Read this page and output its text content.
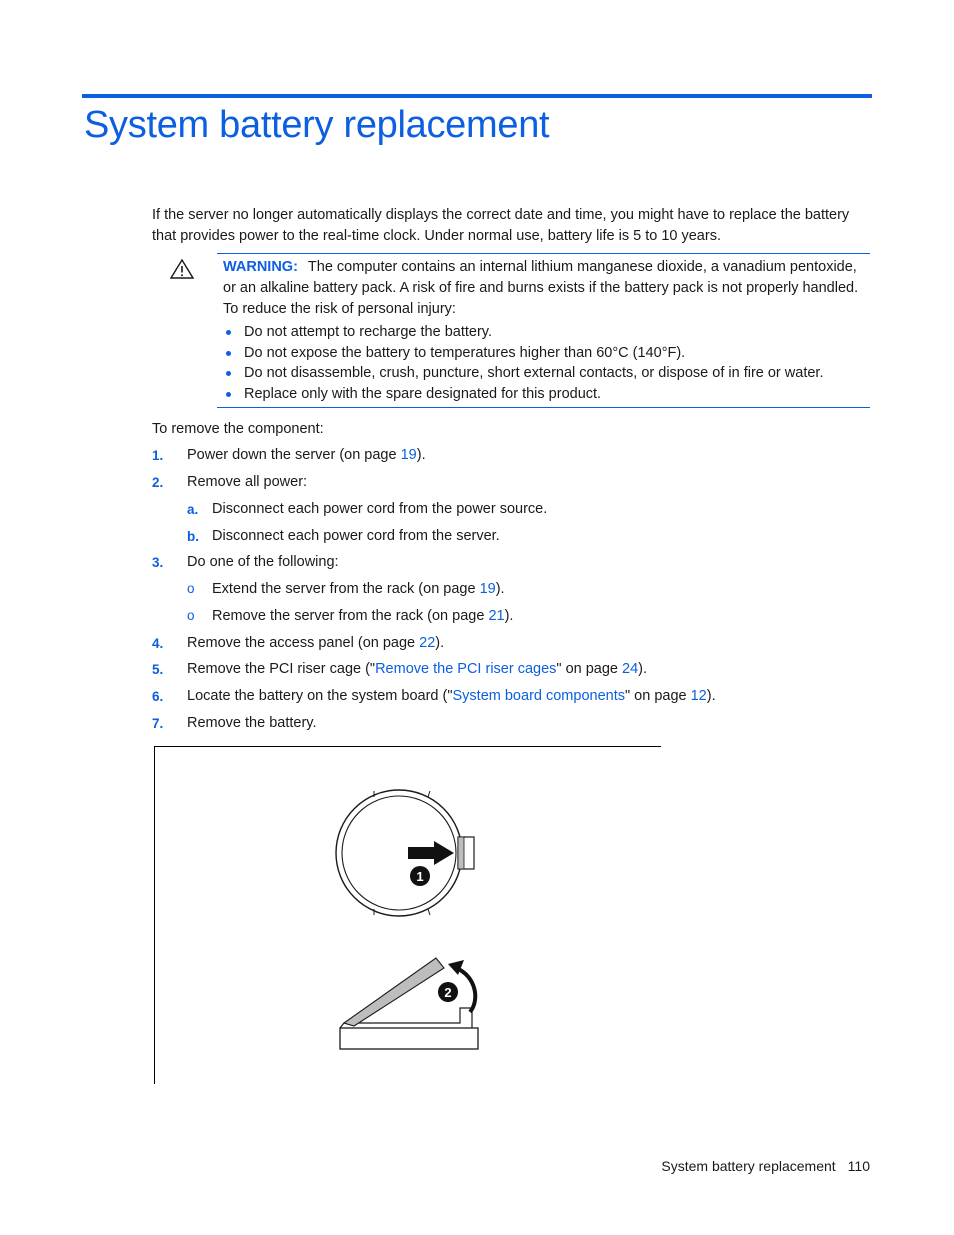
System battery replacement

If the server no longer automatically displays the correct date and time, you might have to replace the battery that provides power to the real-time clock. Under normal use, battery life is 5 to 10 years.

WARNING: The computer contains an internal lithium manganese dioxide, a vanadium pentoxide, or an alkaline battery pack. A risk of fire and burns exists if the battery pack is not properly handled. To reduce the risk of personal injury:
Do not attempt to recharge the battery.
Do not expose the battery to temperatures higher than 60°C (140°F).
Do not disassemble, crush, puncture, short external contacts, or dispose of in fire or water.
Replace only with the spare designated for this product.
To remove the component:
1. Power down the server (on page 19).
2. Remove all power:
a. Disconnect each power cord from the power source.
b. Disconnect each power cord from the server.
3. Do one of the following:
o Extend the server from the rack (on page 19).
o Remove the server from the rack (on page 21).
4. Remove the access panel (on page 22).
5. Remove the PCI riser cage ("Remove the PCI riser cages" on page 24).
6. Locate the battery on the system board ("System board components" on page 12).
7. Remove the battery.
1
2
System battery replacement 110
